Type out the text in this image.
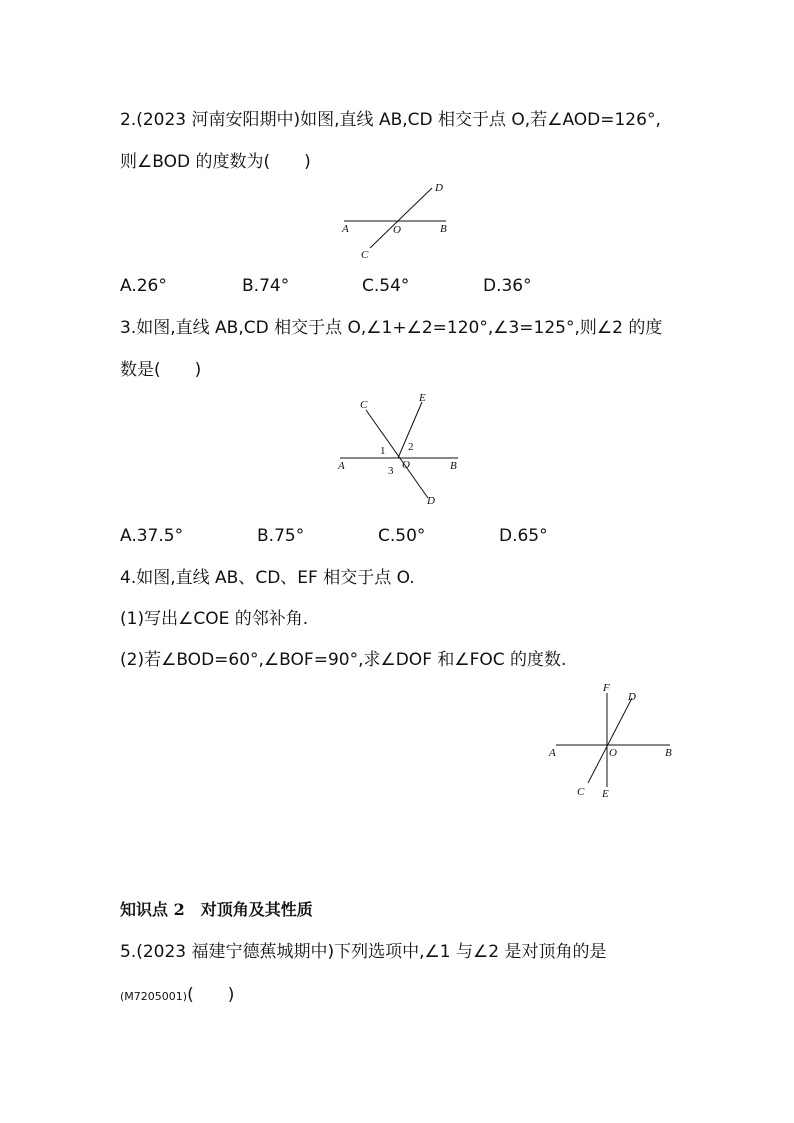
2.(2023 河南安阳期中)如图,直线 AB,CD 相交于点 O,若∠AOD=126°,
则∠BOD 的度数为(　　)
D
A	O	B
C
A.26°	B.74°	C.54°	D.36°
3.如图,直线 AB,CD 相交于点 O,∠1+∠2=120°,∠3=125°,则∠2 的度
数是(　　)
C
E
1 2
O
A	B
3
D
A.37.5°	B.75°	C.50°	D.65°
4.如图,直线 AB、CD、EF 相交于点 O.
(1)写出∠COE 的邻补角.
(2)若∠BOD=60°,∠BOF=90°,求∠DOF 和∠FOC 的度数.
F
D
A	O	B
C E
知识点 2　对顶角及其性质
5.(2023 福建宁德蕉城期中)下列选项中,∠1 与∠2 是对顶角的是
(M7205001)(　　)
